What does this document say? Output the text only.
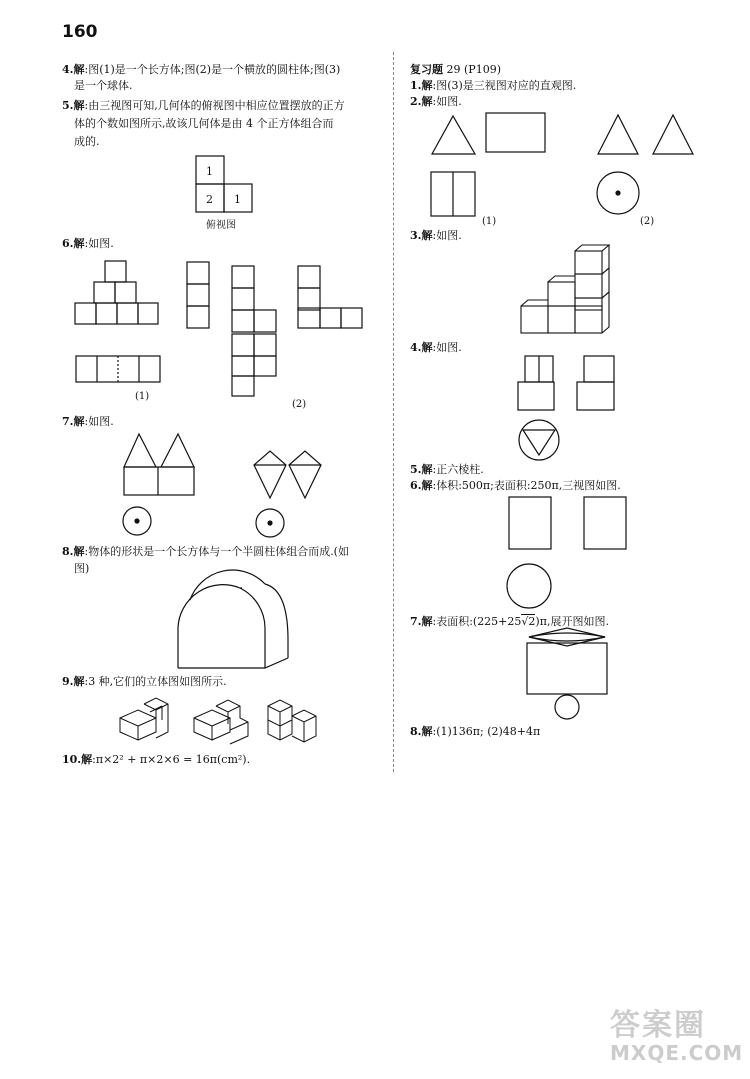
160
4.解:图(1)是一个长方体;图(2)是一个横放的圆柱体;图(3)
是一个球体.
5.解:由三视图可知,几何体的俯视图中相应位置摆放的正方
体的个数如图所示,故该几何体是由 4 个正方体组合而
成的.
6.解:如图.
7.解:如图.
8.解:物体的形状是一个长方体与一个半圆柱体组合而成.(如
图)
9.解:3 种,它们的立体图如图所示.
10.解:π×2² + π×2×6 = 16π(cm²).
复习题 29 (P109)
1.解:图(3)是三视图对应的直观图.
2.解:如图.
3.解:如图.
4.解:如图.
5.解:正六棱柱.
6.解:体积:500π;表面积:250π,三视图如图.
7.解:表面积:(225+25√2)π,展开图如图.
8.解:(1)136π; (2)48+4π
1
2 1
俯视图
(1)
(2)
(1)	(2)
答案圈
MXQE.COM
